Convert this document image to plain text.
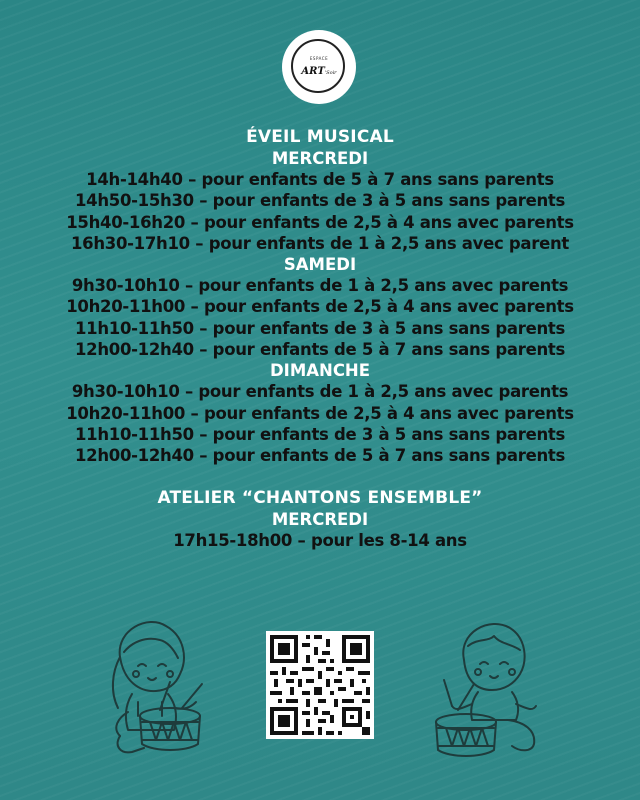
ESPACE
ART'Soir
ÉVEIL MUSICAL
MERCREDI
14h-14h40 – pour enfants de 5 à 7 ans sans parents
14h50-15h30 – pour enfants de 3 à 5 ans sans parents
15h40-16h20 – pour enfants de 2,5 à 4 ans avec parents
16h30-17h10 – pour enfants de 1 à 2,5 ans avec parent
SAMEDI
9h30-10h10 – pour enfants de 1 à 2,5 ans avec parents
10h20-11h00 – pour enfants de 2,5 à 4 ans avec parents
11h10-11h50 – pour enfants de 3 à 5 ans sans parents
12h00-12h40 – pour enfants de 5 à 7 ans sans parents
DIMANCHE
9h30-10h10 – pour enfants de 1 à 2,5 ans avec parents
10h20-11h00 – pour enfants de 2,5 à 4 ans avec parents
11h10-11h50 – pour enfants de 3 à 5 ans sans parents
12h00-12h40 – pour enfants de 5 à 7 ans sans parents
ATELIER “CHANTONS ENSEMBLE”
MERCREDI
17h15-18h00 – pour les 8-14 ans
